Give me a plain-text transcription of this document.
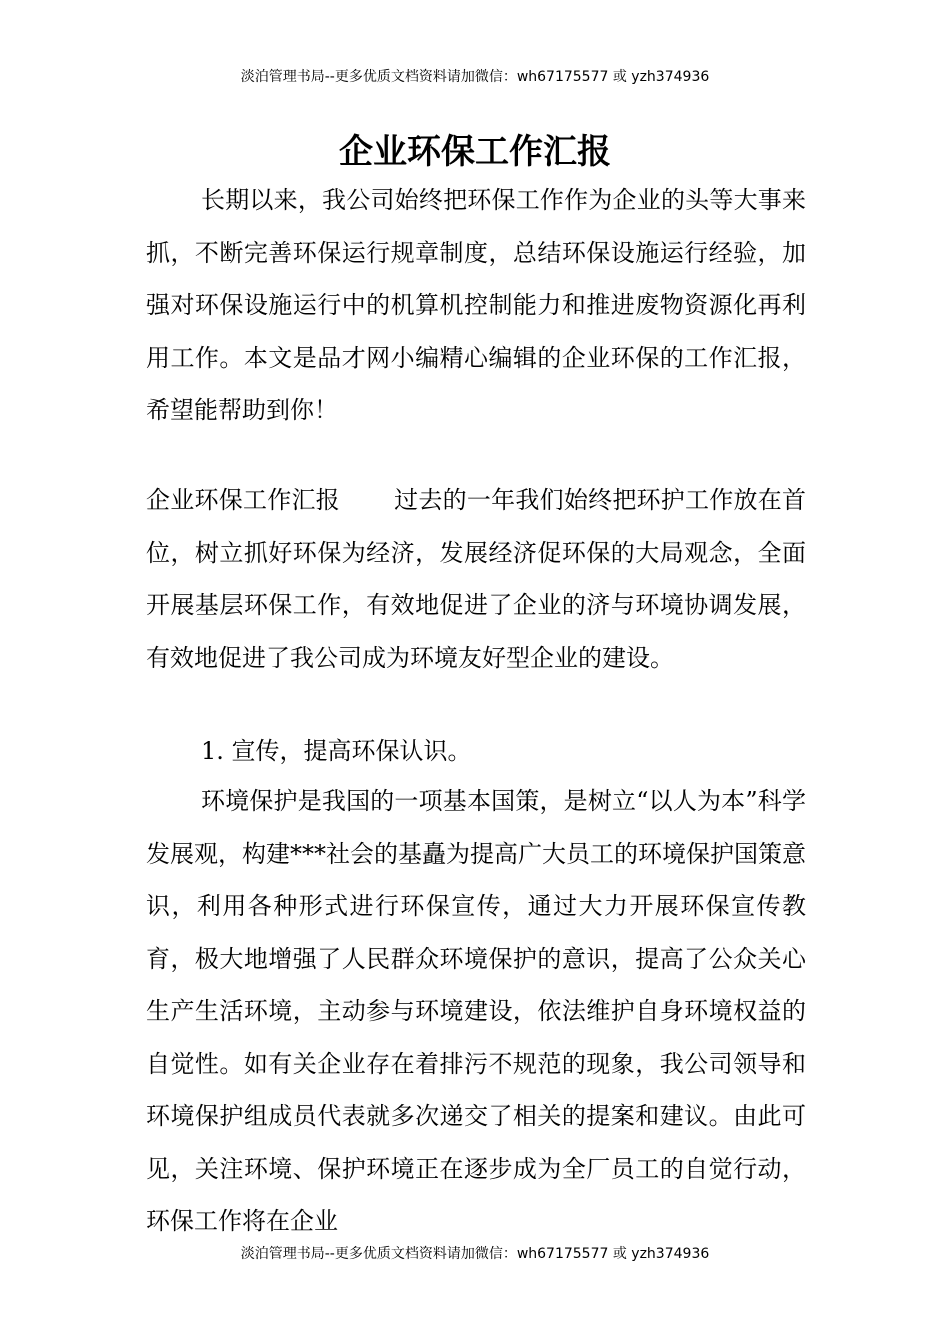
淡泊管理书局--更多优质文档资料请加微信：wh67175577 或 yzh374936
企业环保工作汇报

长期以来，我公司始终把环保工作作为企业的头等大事来抓，不断完善环保运行规章制度，总结环保设施运行经验，加强对环保设施运行中的机算机控制能力和推进废物资源化再利用工作。本文是品才网小编精心编辑的企业环保的工作汇报，希望能帮助到你！

企业环保工作汇报 过去的一年我们始终把环护工作放在首位，树立抓好环保为经济，发展经济促环保的大局观念，全面开展基层环保工作，有效地促进了企业的济与环境协调发展，有效地促进了我公司成为环境友好型企业的建设。

1. 宣传，提高环保认识。

环境保护是我国的一项基本国策，是树立“以人为本”科学发展观，构建***社会的基矗为提高广大员工的环境保护国策意识，利用各种形式进行环保宣传，通过大力开展环保宣传教育，极大地增强了人民群众环境保护的意识，提高了公众关心生产生活环境，主动参与环境建设，依法维护自身环境权益的自觉性。如有关企业存在着排污不规范的现象，我公司领导和环境保护组成员代表就多次递交了相关的提案和建议。由此可见，关注环境、保护环境正在逐步成为全厂员工的自觉行动，环保工作将在企业

淡泊管理书局--更多优质文档资料请加微信：wh67175577 或 yzh374936
